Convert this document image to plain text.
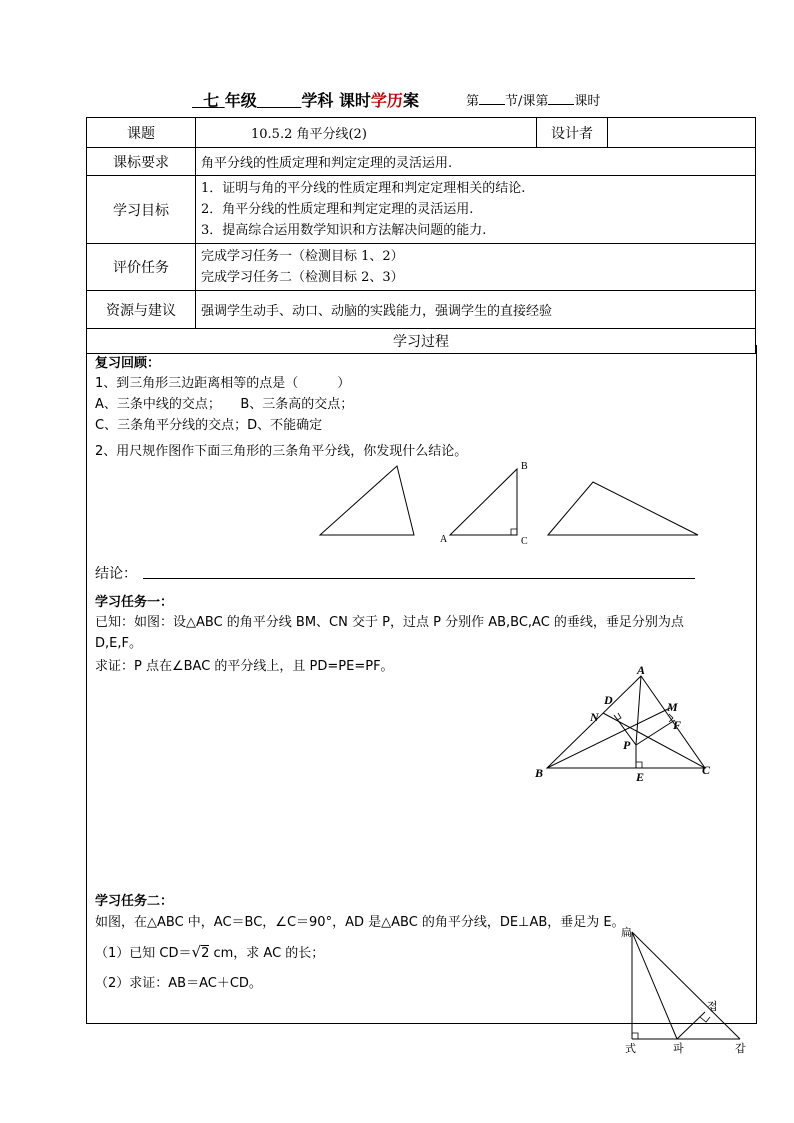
七 年级	学科 课时学历案	第 节/课第 课时
课题	10.5.2 角平分线(2)	设计者	
课标要求	角平分线的性质定理和判定定理的灵活运用.		
学习目标	1．证明与角的平分线的性质定理和判定定理相关的结论.
2．角平分线的性质定理和判定定理的灵活运用.
3．提高综合运用数学知识和方法解决问题的能力.		

评价任务	完成学习任务一（检测目标 1、2）
完成学习任务二（检测目标 2、3）		

资源与建议	强调学生动手、动口、动脑的实践能力，强调学生的直接经验		
学习过程			
复习回顾：
1、到三角形三边距离相等的点是（　　　）
A、三条中线的交点；　　B、三条高的交点；
C、三条角平分线的交点；D、不能确定
2、用尺规作图作下面三角形的三条角平分线，你发现什么结论。
B
A	C
结论：
学习任务一：
已知：如图：设△ABC 的角平分线 BM、CN 交于 P，过点 P 分别作 AB,BC,AC 的垂线，垂足分别为点
D,E,F。
求证：P 点在∠BAC 的平分线上，且 PD=PE=PF。	A
D	M
N
F
P
B	E	C
学习任务二：
如图，在△ABC 中，AC＝BC，∠C＝90°，AD 是△ABC 的角平分线，DE⊥AB，垂足为 E。
（1）已知 CD＝√2 cm，求 AC 的长；
（2）求证：AB＝AC＋CD。
扁
졉
式	파	갑
